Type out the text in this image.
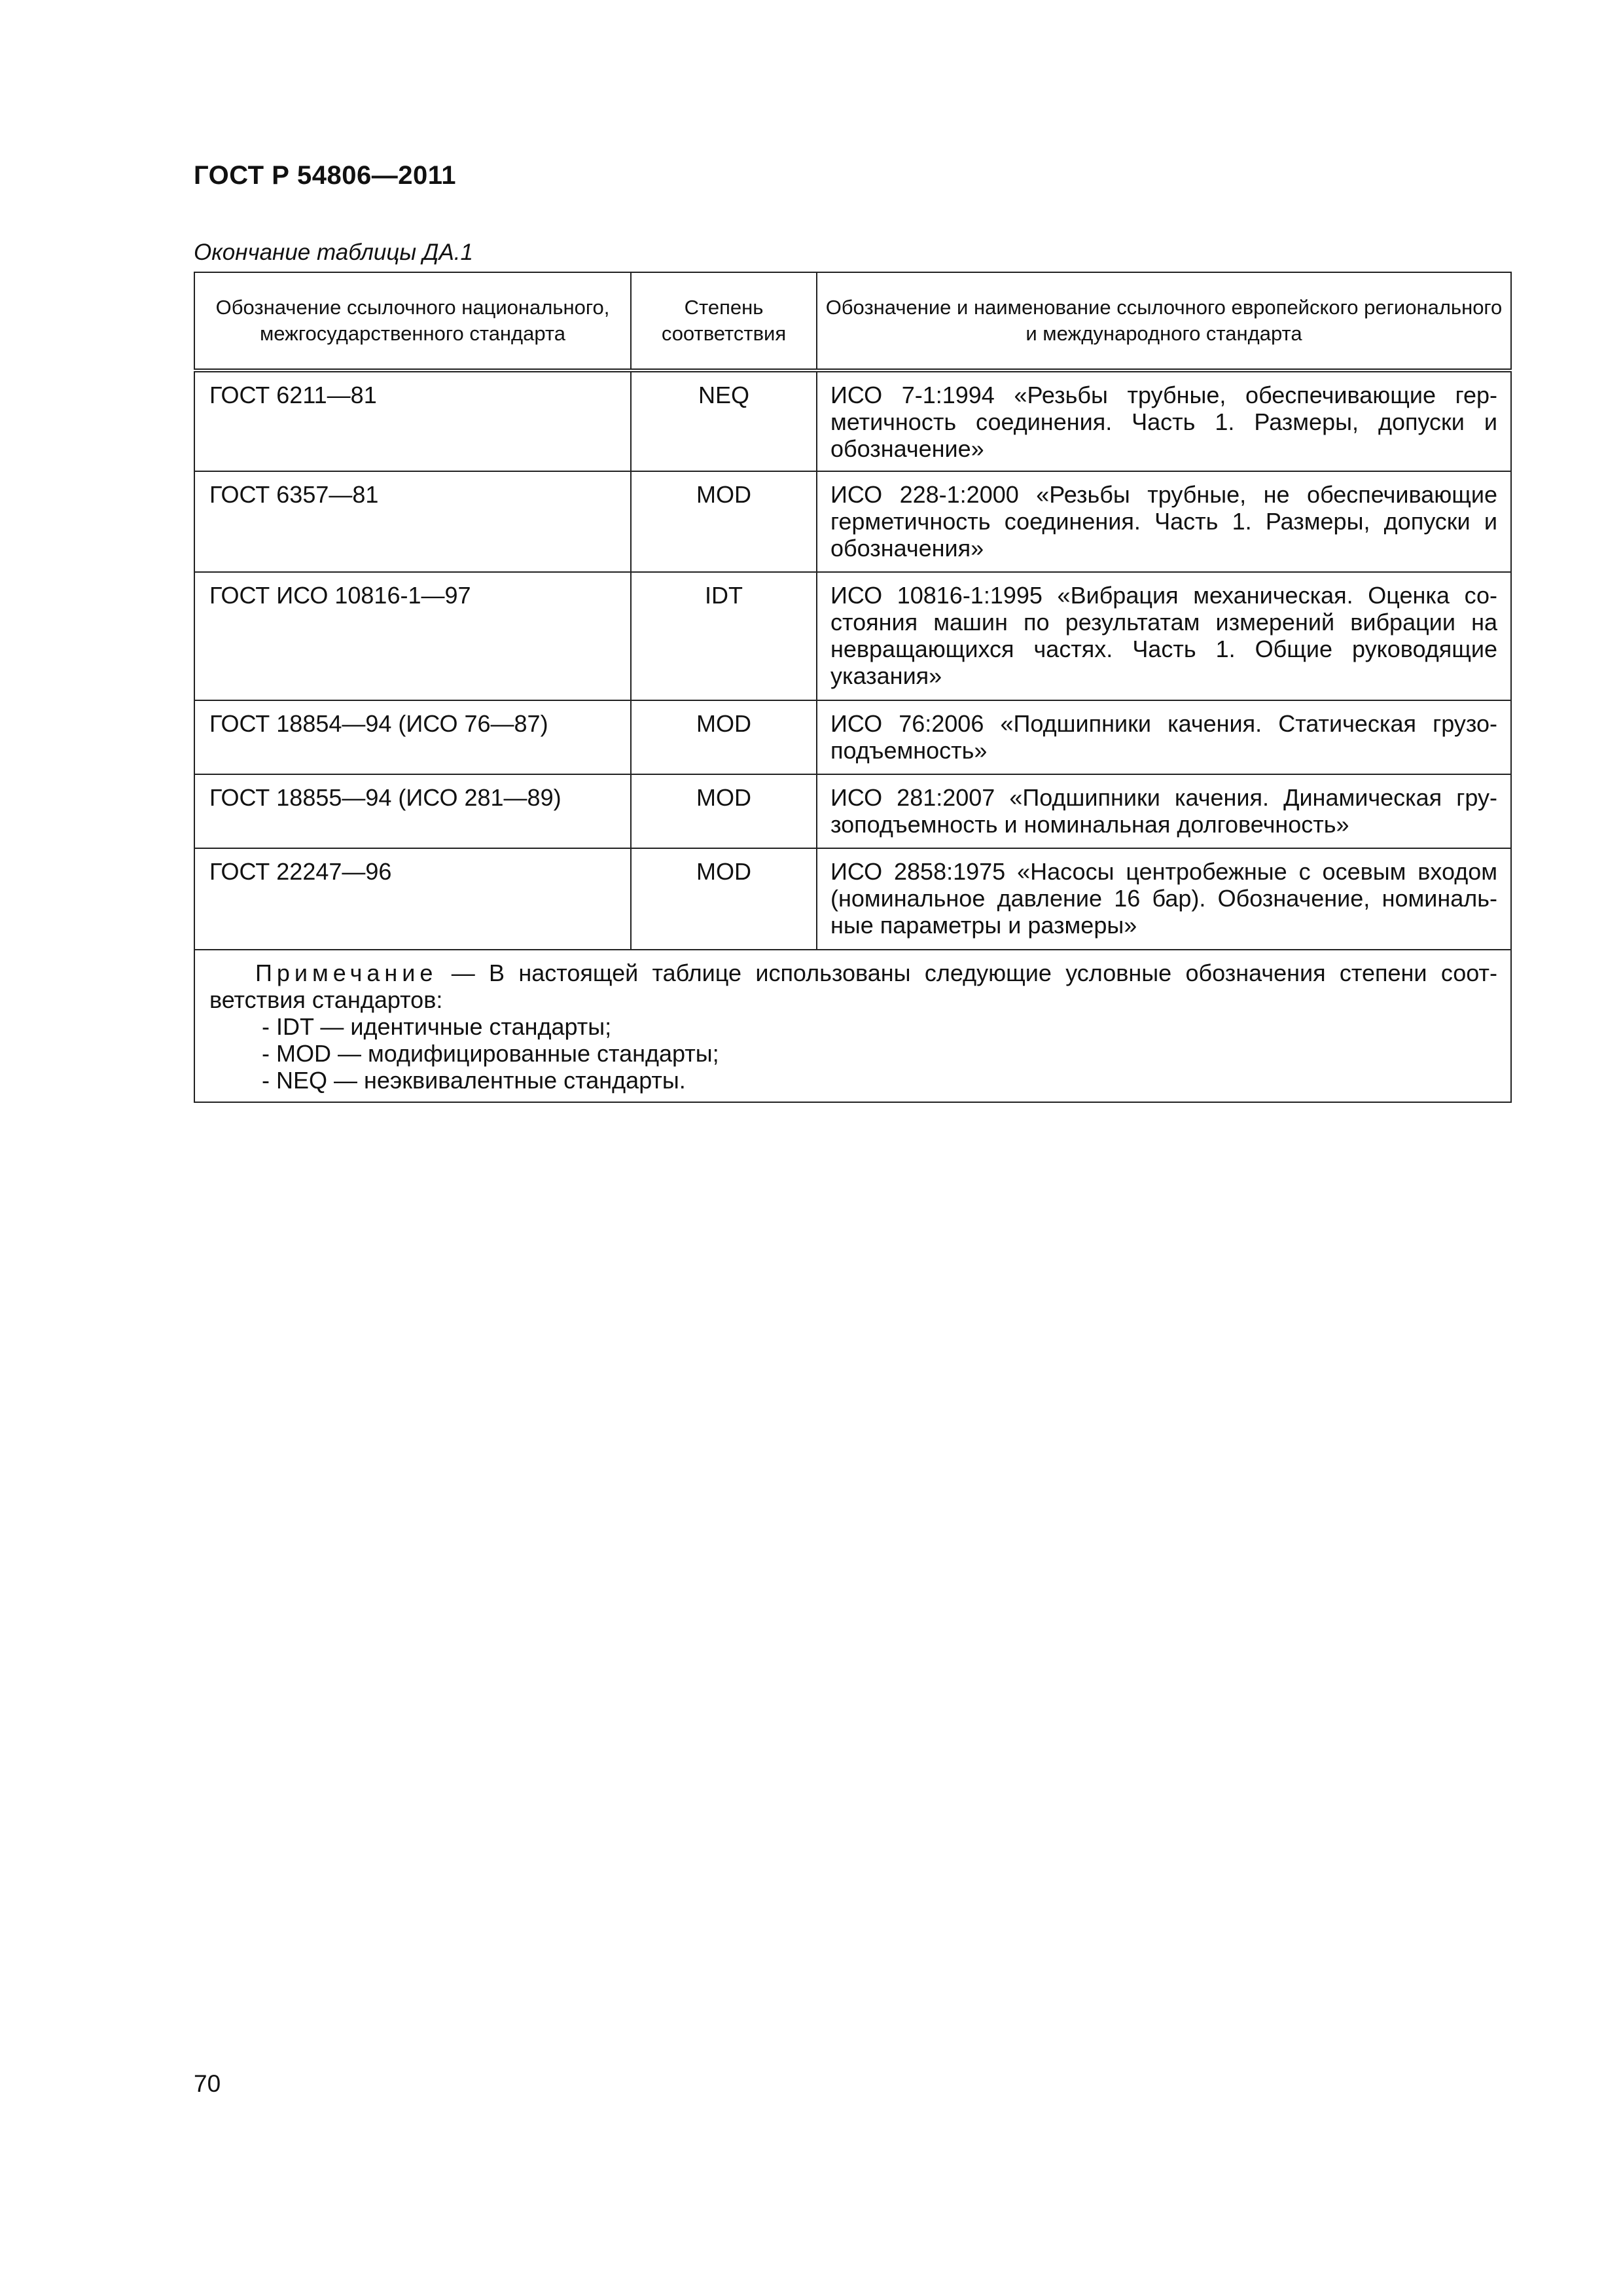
ГОСТ Р 54806—2011
Окончание таблицы ДА.1
Обозначение ссылочного национального, межгосударственного стандарта	Степень соответствия	Обозначение и наименование ссылочного европейского регионального и международного стандарта
ГОСТ 6211—81	NEQ	ИСО 7-1:1994 «Резьбы трубные, обеспечивающие герметичность соединения. Часть 1. Размеры, допуски и обозначение»
ГОСТ 6357—81	MOD	ИСО 228-1:2000 «Резьбы трубные, не обеспечивающие герметичность соединения. Часть 1. Размеры, допуски и обозначения»
ГОСТ ИСО 10816-1—97	IDT	ИСО 10816-1:1995 «Вибрация механическая. Оценка состояния машин по результатам измерений вибрации на невращающихся частях. Часть 1. Общие руководящие указания»
ГОСТ 18854—94 (ИСО 76—87)	MOD	ИСО 76:2006 «Подшипники качения. Статическая грузоподъемность»
ГОСТ 18855—94 (ИСО 281—89)	MOD	ИСО 281:2007 «Подшипники качения. Динамическая грузоподъемность и номинальная долговечность»
ГОСТ 22247—96	MOD	ИСО 2858:1975 «Насосы центробежные с осевым входом (номинальное давление 16 бар). Обозначение, номинальные параметры и размеры»

Примечание — В настоящей таблице использованы следующие условные обозначения степени соответствия стандартов:
- IDT — идентичные стандарты;
- MOD — модифицированные стандарты;
- NEQ — неэквивалентные стандарты.		
70
